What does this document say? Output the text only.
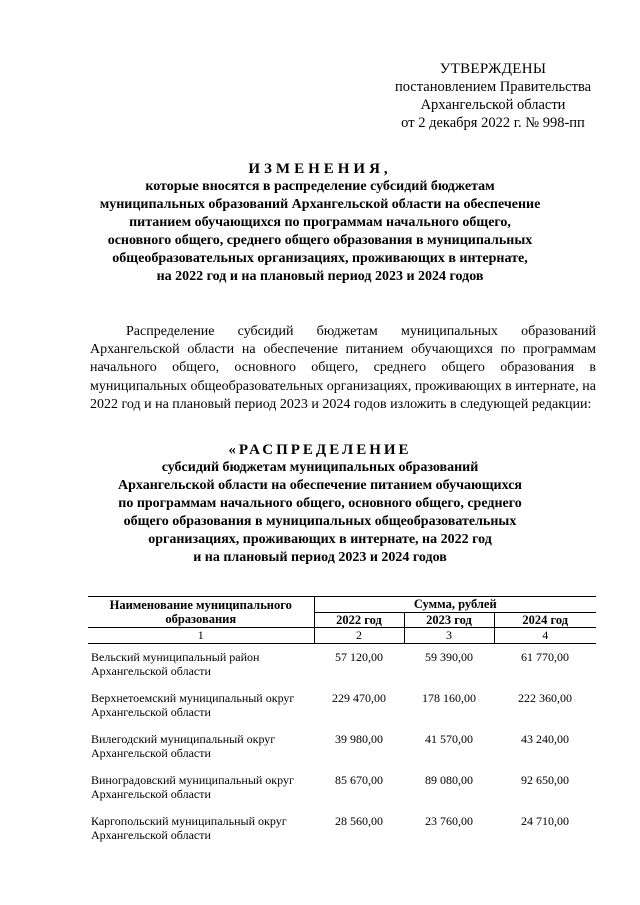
УТВЕРЖДЕНЫ
постановлением Правительства
Архангельской области
от 2 декабря 2022 г. № 998-пп
ИЗМЕНЕНИЯ,
которые вносятся в распределение субсидий бюджетам
муниципальных образований Архангельской области на обеспечение
питанием обучающихся по программам начального общего,
основного общего, среднего общего образования в муниципальных
общеобразовательных организациях, проживающих в интернате,
на 2022 год и на плановый период 2023 и 2024 годов
Распределение субсидий бюджетам муниципальных образований Архангельской области на обеспечение питанием обучающихся по программам начального общего, основного общего, среднего общего образования в муниципальных общеобразовательных организациях, проживающих в интернате, на 2022 год и на плановый период 2023 и 2024 годов изложить в следующей редакции:
«РАСПРЕДЕЛЕНИЕ
субсидий бюджетам муниципальных образований
Архангельской области на обеспечение питанием обучающихся
по программам начального общего, основного общего, среднего
общего образования в муниципальных общеобразовательных
организациях, проживающих в интернате, на 2022 год
и на плановый период 2023 и 2024 годов
Наименование муниципального образования	Сумма, рублей		
	2022 год	2023 год	2024 год
1	2	3	4
Вельский муниципальный район Архангельской области	57 120,00	59 390,00	61 770,00
Верхнетоемский муниципальный округ Архангельской области	229 470,00	178 160,00	222 360,00
Вилегодский муниципальный округ Архангельской области	39 980,00	41 570,00	43 240,00
Виноградовский муниципальный округ Архангельской области	85 670,00	89 080,00	92 650,00
Каргопольский муниципальный округ Архангельской области	28 560,00	23 760,00	24 710,00
